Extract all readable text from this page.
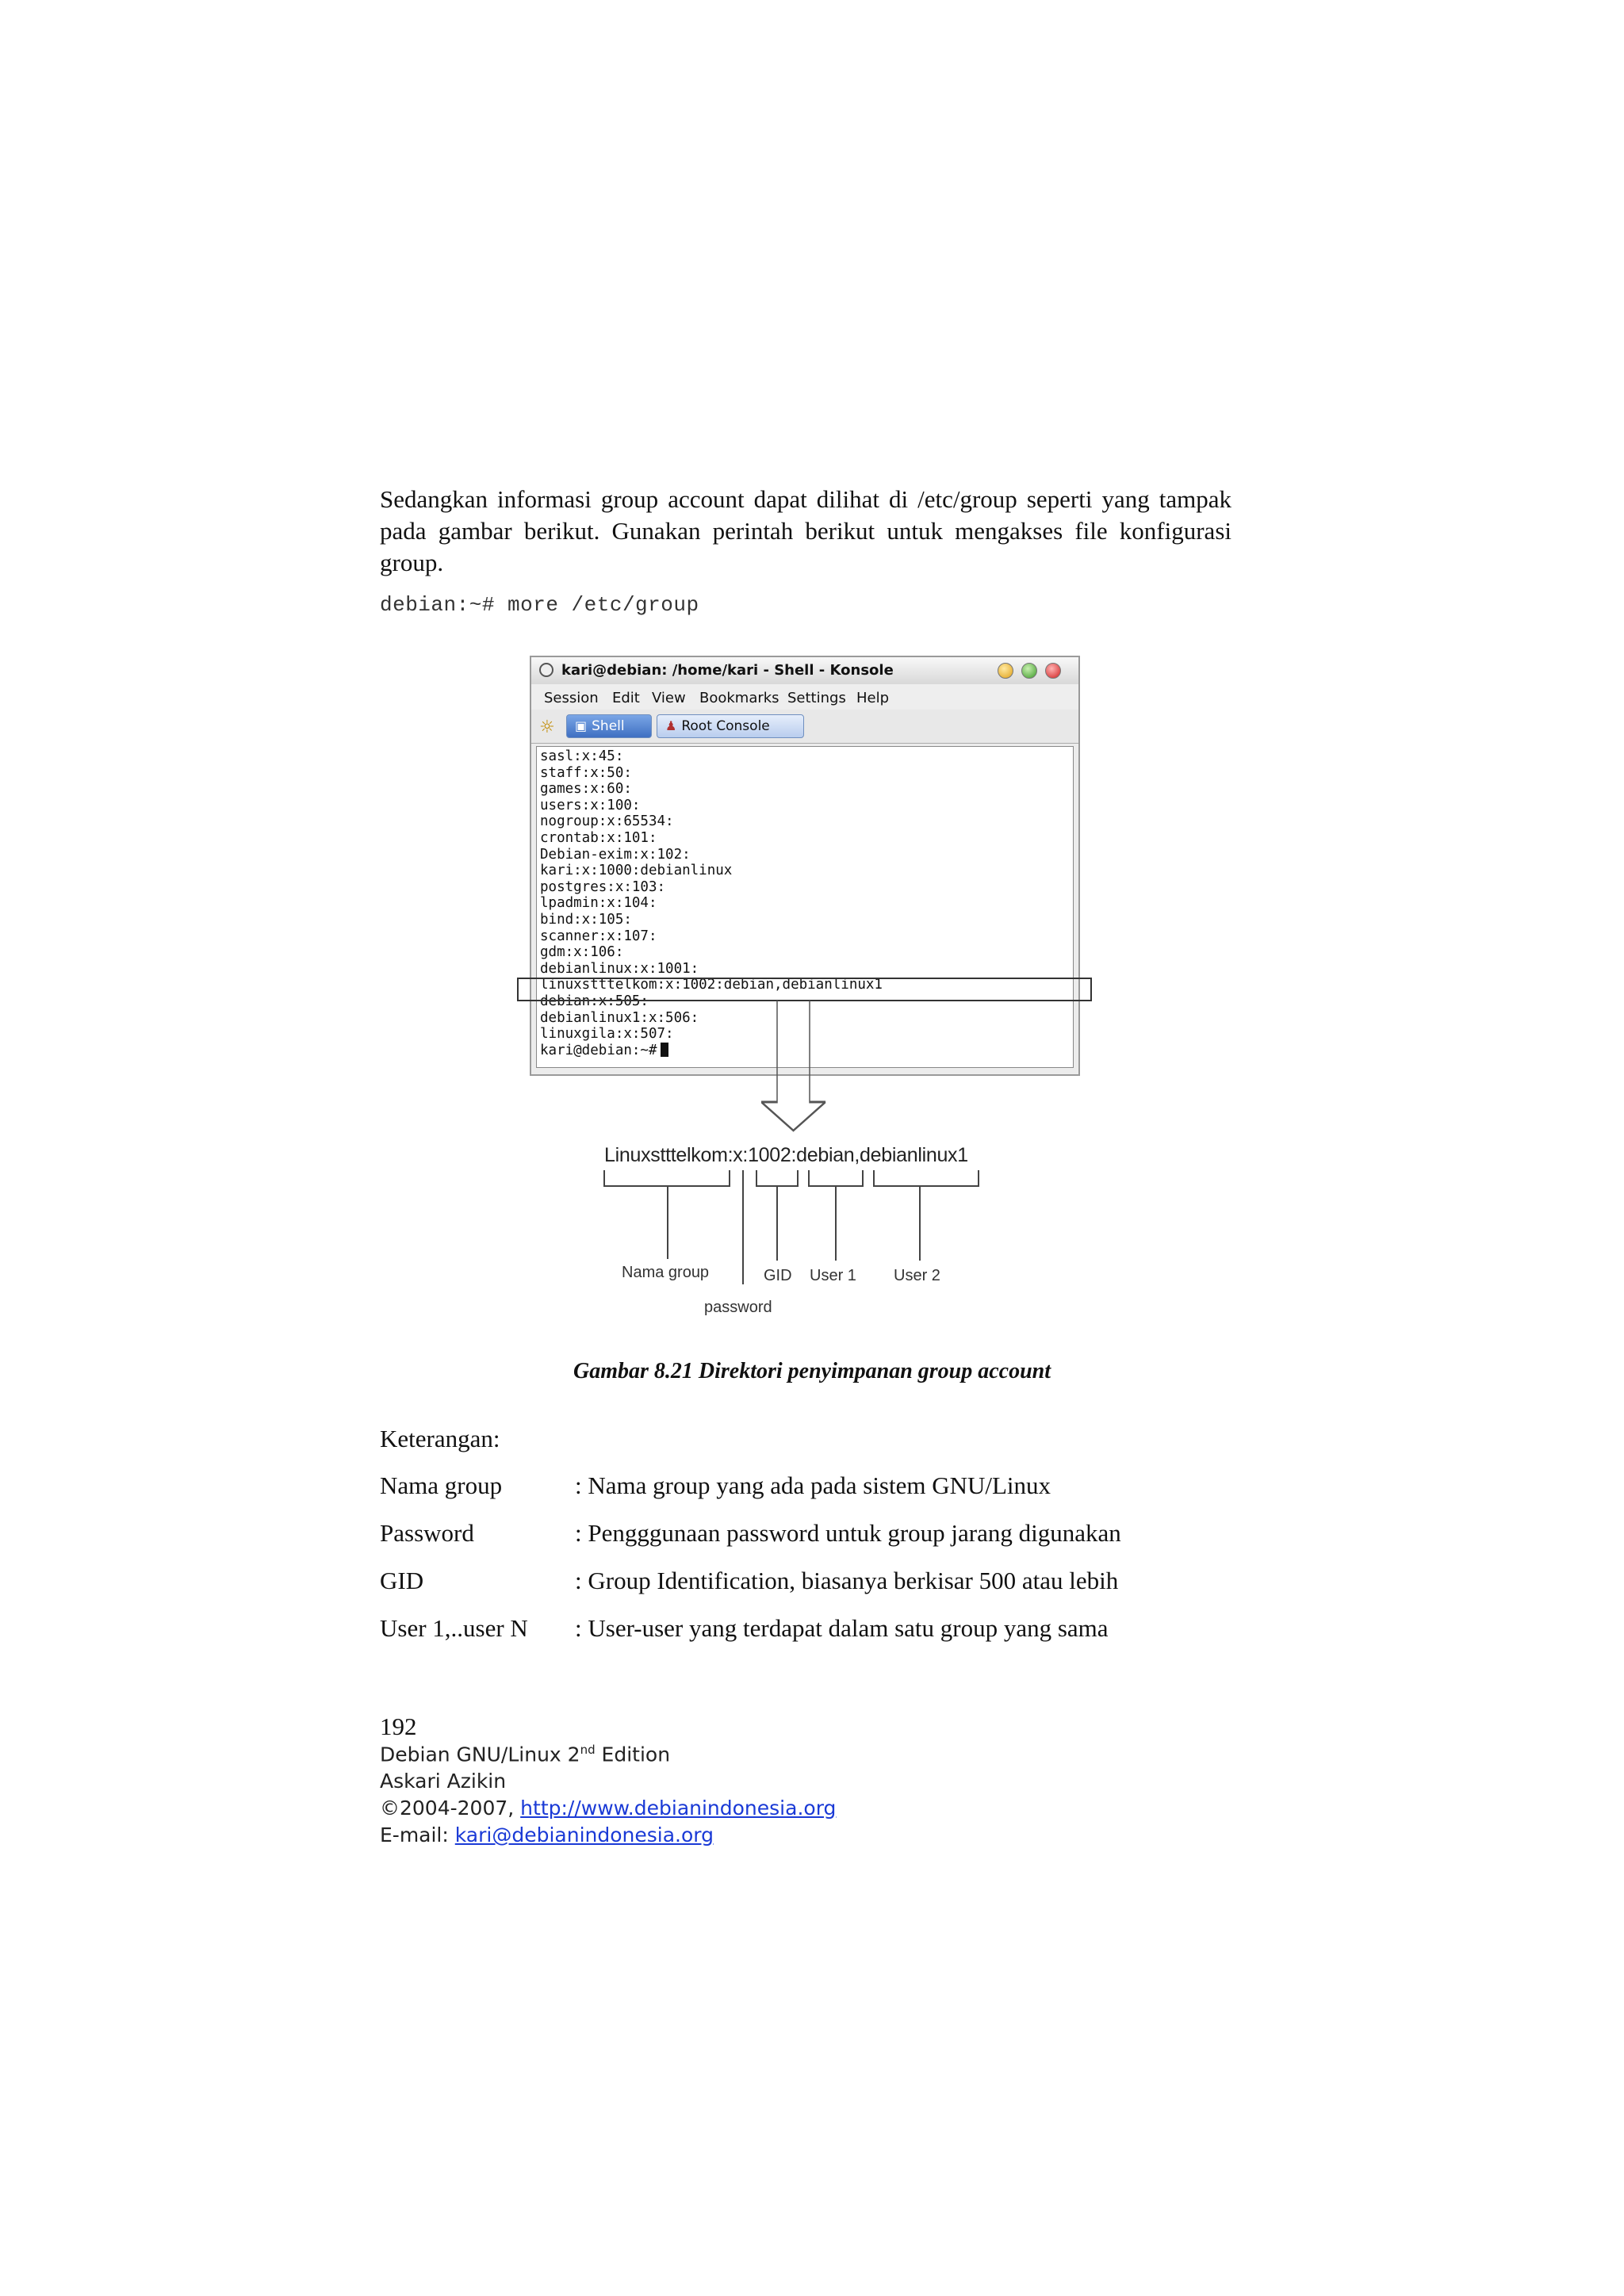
Sedangkan informasi group account dapat dilihat di /etc/group seperti yang tampak pada gambar berikut. Gunakan perintah berikut untuk mengakses file konfigurasi group.
debian:~# more /etc/group
kari@debian: /home/kari - Shell - Konsole
Session Edit View Bookmarks Settings Help
☼	▣ Shell	♟ Root Console
sasl:x:45:
staff:x:50:
games:x:60:
users:x:100:
nogroup:x:65534:
crontab:x:101:
Debian-exim:x:102:
kari:x:1000:debianlinux
postgres:x:103:
lpadmin:x:104:
bind:x:105:
scanner:x:107:
gdm:x:106:
debianlinux:x:1001:
linuxstttelkom:x:1002:debian,debianlinux1
debian:x:505:
debianlinux1:x:506:
linuxgila:x:507:
kari@debian:~#
Linuxstttelkom:x:1002:debian,debianlinux1
Nama group
password
GID User 1 User 2
Gambar 8.21 Direktori penyimpanan group account
Keterangan:
Nama group	: Nama group yang ada pada sistem GNU/Linux
Password	: Pengggunaan password untuk group jarang digunakan
GID	: Group Identification, biasanya berkisar 500 atau lebih
User 1,..user N : User-user yang terdapat dalam satu group yang sama
192
Debian GNU/Linux 2nd Edition
Askari Azikin
©2004-2007, http://www.debianindonesia.org
E-mail: kari@debianindonesia.org
